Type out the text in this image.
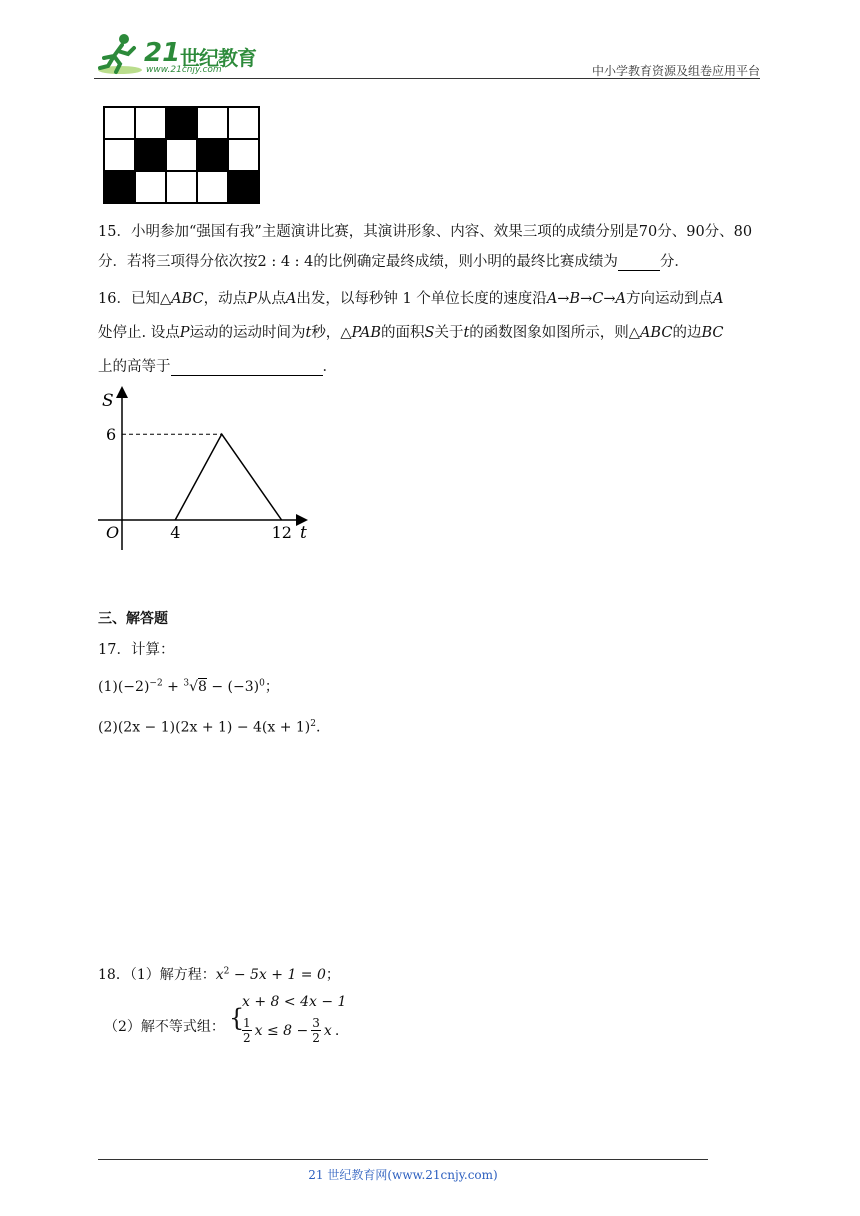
21 世纪教育
www.21cnjy.com	中小学教育资源及组卷应用平台

15．小明参加“强国有我”主题演讲比赛，其演讲形象、内容、效果三项的成绩分别是70分、90分、80
分．若将三项得分依次按2 : 4 : 4的比例确定最终成绩，则小明的最终比赛成绩为	分．
16．已知△ABC，动点P从点A出发，以每秒钟 1 个单位长度的速度沿A→B→C→A方向运动到点A
处停止. 设点P运动的运动时间为t秒，△PAB的面积S关于t的函数图象如图所示，则△ABC的边BC
上的高等于	．
S
t
O	4	12
6
三、解答题
17．计算：
$(1)(-2)^{-2} + ^3√8 - (-3)^0$；
$(2)(2x - 1)(2x + 1) - 4(x + 1)^2$.
18．（1）解方程：$x^2 - 5x + 1 = 0$；
（2）解不等式组： {
x + 8 < 4x − 1
$\frac{1}{2}$ $x \le 8 - \frac{3}{2}$ x .
21 世纪教育网(www.21cnjy.com)
